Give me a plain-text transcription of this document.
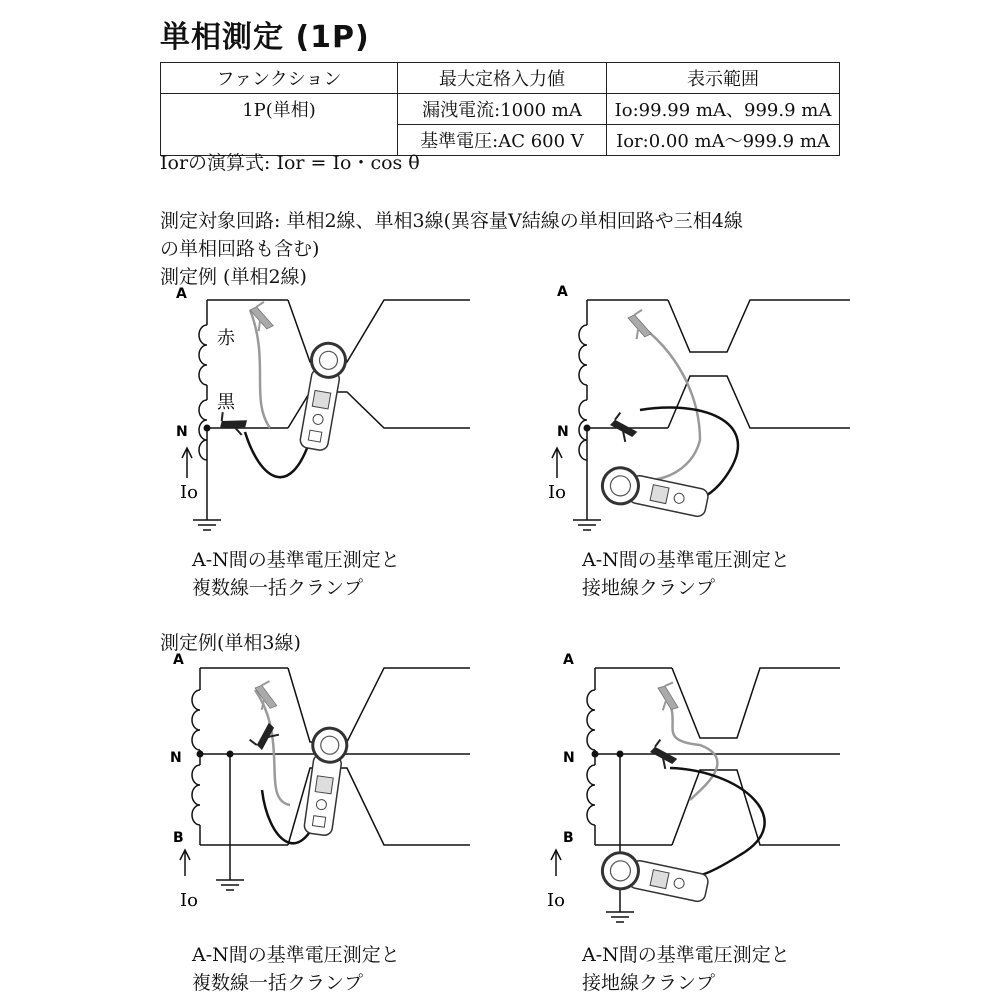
単相測定 (1P)
ファンクション	最大定格入力値	表示範囲
1P(単相)	漏洩電流:1000 mA	Io:99.99 mA、999.9 mA
	基準電圧:AC 600 V	Ior:0.00 mA〜999.9 mA
Iorの演算式: Ior = Io・cos θ
測定対象回路: 単相2線、単相3線(異容量V結線の単相回路や三相4線
の単相回路も含む)
測定例 (単相2線)
測定例(単相3線)
A-N間の基準電圧測定と
複数線一括クランプ
A-N間の基準電圧測定と
接地線クランプ
A-N間の基準電圧測定と
複数線一括クランプ
A-N間の基準電圧測定と
接地線クランプ
A
N
Io
赤
黒
A
N
Io
A
N
B
Io
A
N
B
Io
